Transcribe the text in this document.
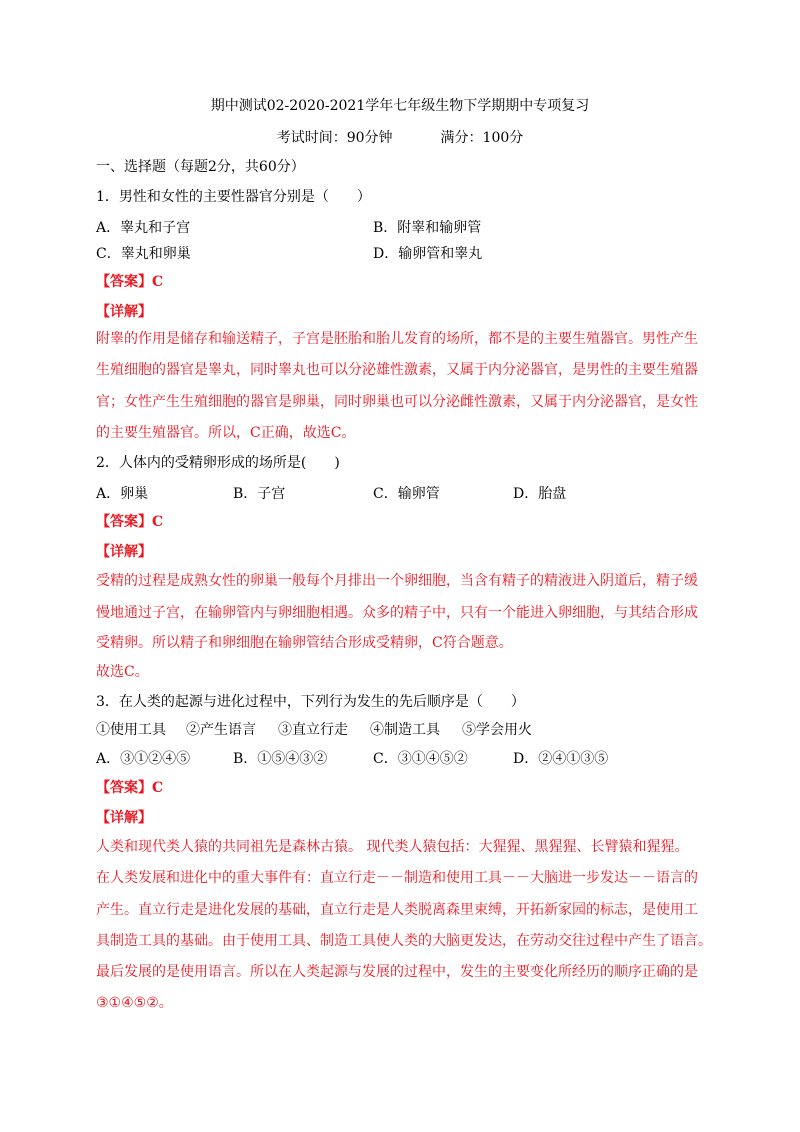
期中测试02-2020-2021学年七年级生物下学期期中专项复习
考试时间：90分钟	满分：100分
一、选择题（每题2分，共60分）
1．男性和女性的主要性器官分别是（　　）
A．睾丸和子宫	B．附睾和输卵管
C．睾丸和卵巢	D．输卵管和睾丸
【答案】C
【详解】
附睾的作用是储存和输送精子，子宫是胚胎和胎儿发育的场所，都不是的主要生殖器官。男性产生
生殖细胞的器官是睾丸，同时睾丸也可以分泌雄性激素，又属于内分泌器官，是男性的主要生殖器
官；女性产生生殖细胞的器官是卵巢，同时卵巢也可以分泌雌性激素，又属于内分泌器官，是女性
的主要生殖器官。所以，C正确，故选C。
2．人体内的受精卵形成的场所是(　　)
A．卵巢	B．子宫	C．输卵管	D．胎盘
【答案】C
【详解】
受精的过程是成熟女性的卵巢一般每个月排出一个卵细胞，当含有精子的精液进入阴道后，精子缓
慢地通过子宫，在输卵管内与卵细胞相遇。众多的精子中，只有一个能进入卵细胞，与其结合形成
受精卵。所以精子和卵细胞在输卵管结合形成受精卵，C符合题意。
故选C。
3．在人类的起源与进化过程中，下列行为发生的先后顺序是（　　）
①使用工具 ②产生语言 ③直立行走 ④制造工具 ⑤学会用火
A．③①②④⑤	B．①⑤④③②	C．③①④⑤②	D．②④①③⑤
【答案】C
【详解】
人类和现代类人猿的共同祖先是森林古猿。 现代类人猿包括：大猩猩、黑猩猩、长臂猿和猩猩。
在人类发展和进化中的重大事件有：直立行走－－制造和使用工具－－大脑进一步发达－－语言的
产生。直立行走是进化发展的基础，直立行走是人类脱离森里束缚，开拓新家园的标志，是使用工
具制造工具的基础。由于使用工具、制造工具使人类的大脑更发达，在劳动交往过程中产生了语言。
最后发展的是使用语言。所以在人类起源与发展的过程中，发生的主要变化所经历的顺序正确的是
③①④⑤②。
